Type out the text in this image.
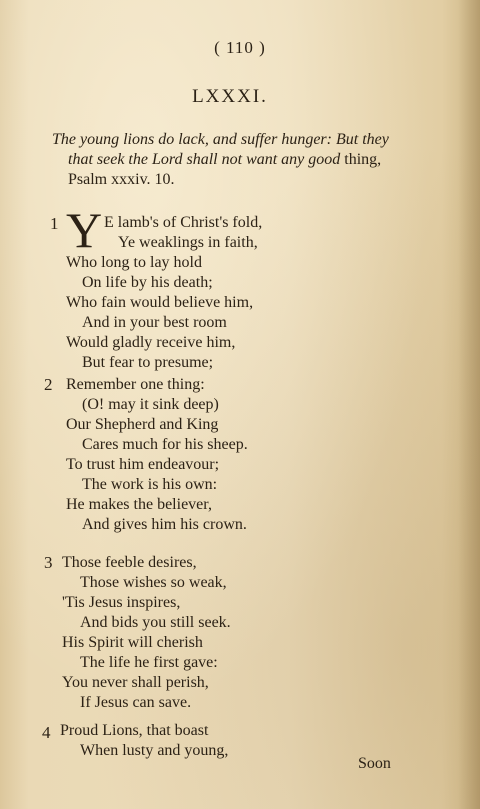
( 110 )
LXXXI.
The young lions do lack, and suffer hunger: But they
that seek the Lord shall not want any good thing,
Psalm xxxiv. 10.
1 Y E lamb's of Christ's fold,
Ye weaklings in faith,
Who long to lay hold
On life by his death;
Who fain would believe him,
And in your best room
Would gladly receive him,
But fear to presume;
2 Remember one thing:
(O! may it sink deep)
Our Shepherd and King
Cares much for his sheep.
To trust him endeavour;
The work is his own:
He makes the believer,
And gives him his crown.
3 Those feeble desires,
Those wishes so weak,
'Tis Jesus inspires,
And bids you still seek.
His Spirit will cherish
The life he first gave:
You never shall perish,
If Jesus can save.
4 Proud Lions, that boast
When lusty and young,
Soon
